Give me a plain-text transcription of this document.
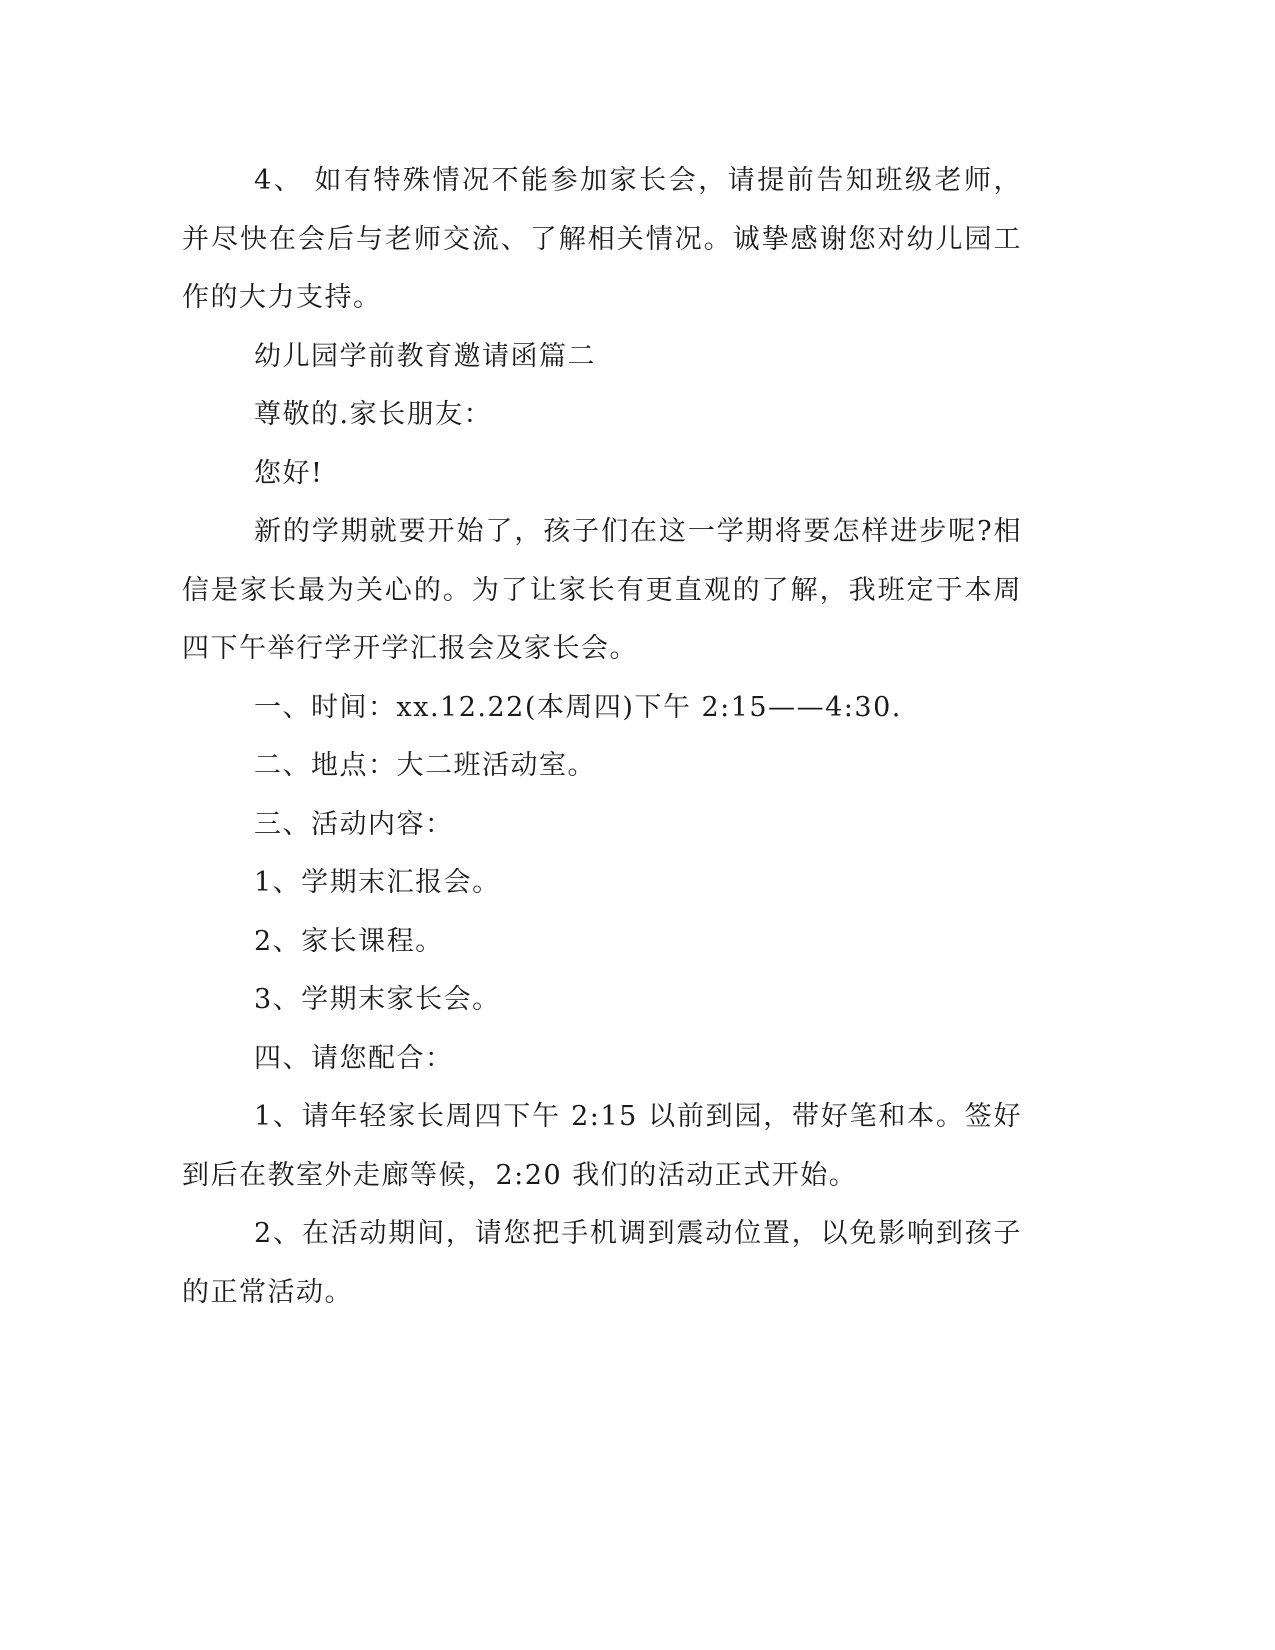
4、 如有特殊情况不能参加家长会，请提前告知班级老师，并尽快在会后与老师交流、了解相关情况。诚挚感谢您对幼儿园工作的大力支持。

幼儿园学前教育邀请函篇二

尊敬的.家长朋友：

您好!

新的学期就要开始了，孩子们在这一学期将要怎样进步呢?相信是家长最为关心的。为了让家长有更直观的了解，我班定于本周四下午举行学开学汇报会及家长会。

一、时间：xx.12.22(本周四)下午 2:15——4:30.

二、地点：大二班活动室。

三、活动内容：

1、学期末汇报会。

2、家长课程。

3、学期末家长会。

四、请您配合：

1、请年轻家长周四下午 2:15 以前到园，带好笔和本。签好到后在教室外走廊等候，2:20 我们的活动正式开始。

2、在活动期间，请您把手机调到震动位置，以免影响到孩子的正常活动。
